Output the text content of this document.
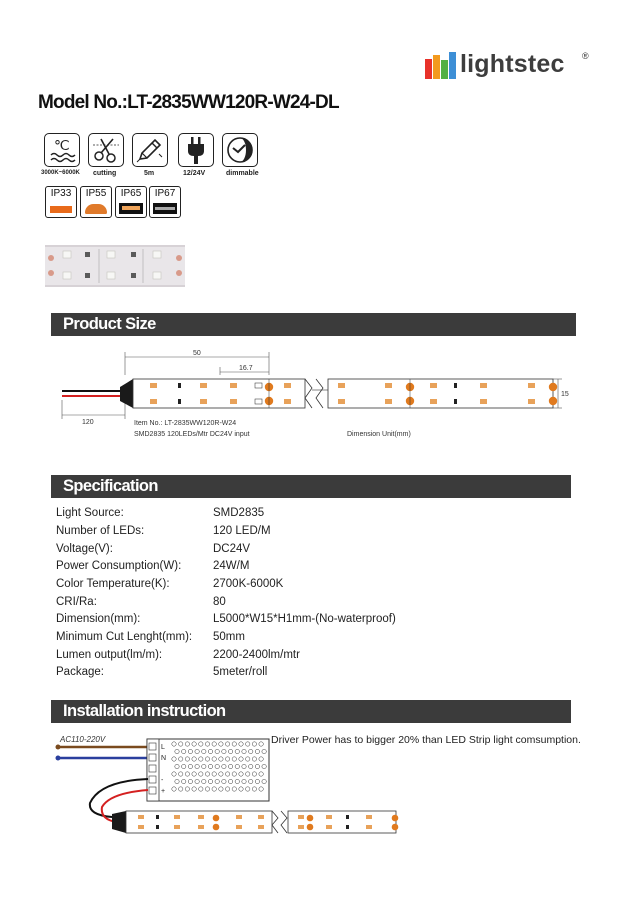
lightstec ®
Model No.:LT-2835WW120R-W24-DL
℃
3000K~6000K cutting	5m	12/24V	dimmable
IP33	IP55	IP65	IP67
Product Size
50
16.7
15
120	Item No.: LT-2835WW120R-W24
SMD2835 120LEDs/Mtr DC24V input	Dimension Unit(mm)
Specification
Light Source:	SMD2835
Number of LEDs:	120 LED/M
Voltage(V):	DC24V
Power Consumption(W):	24W/M
Color Temperature(K):	2700K-6000K
CRI/Ra:	80
Dimension(mm):	L5000*W15*H1mm-(No-waterproof)
Minimum Cut Lenght(mm): 50mm
Lumen output(lm/m):	2200-2400lm/mtr
Package:	5meter/roll
Installation instruction
Driver Power has to bigger 20% than LED Strip light comsumption.
AC110-220V
L
N
-
+
